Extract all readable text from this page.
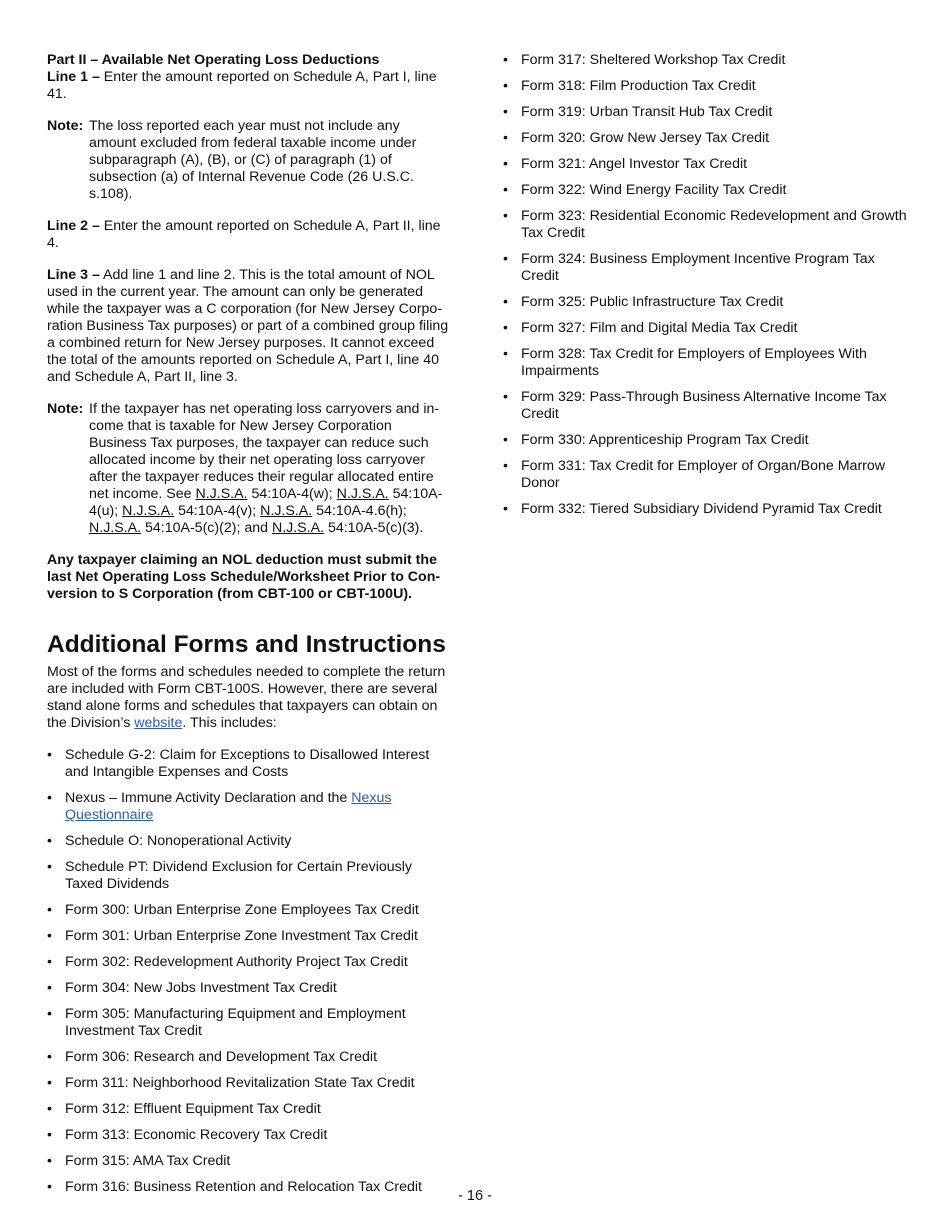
Part II – Available Net Operating Loss Deductions

Line 1 – Enter the amount reported on Schedule A, Part I, line 41.

Note: The loss reported each year must not include any amount excluded from federal taxable income under subparagraph (A), (B), or (C) of paragraph (1) of subsection (a) of Internal Revenue Code (26 U.S.C. s.108).

Line 2 – Enter the amount reported on Schedule A, Part II, line 4.

Line 3 – Add line 1 and line 2. This is the total amount of NOL used in the current year. The amount can only be generated while the taxpayer was a C corporation (for New Jersey Corporation Business Tax purposes) or part of a combined group filing a combined return for New Jersey purposes. It cannot exceed the total of the amounts reported on Schedule A, Part I, line 40 and Schedule A, Part II, line 3.

Note: If the taxpayer has net operating loss carryovers and income that is taxable for New Jersey Corporation Business Tax purposes, the taxpayer can reduce such allocated income by their net operating loss carryover after the taxpayer reduces their regular allocated entire net income. See N.J.S.A. 54:10A-4(w); N.J.S.A. 54:10A-4(u); N.J.S.A. 54:10A-4(v); N.J.S.A. 54:10A-4.6(h); N.J.S.A. 54:10A-5(c)(2); and N.J.S.A. 54:10A-5(c)(3).

Any taxpayer claiming an NOL deduction must submit the last Net Operating Loss Schedule/Worksheet Prior to Conversion to S Corporation (from CBT-100 or CBT-100U).

Additional Forms and Instructions

Most of the forms and schedules needed to complete the return are included with Form CBT-100S. However, there are several stand alone forms and schedules that taxpayers can obtain on the Division’s website. This includes:

• Schedule G-2: Claim for Exceptions to Disallowed Interest and Intangible Expenses and Costs
• Nexus – Immune Activity Declaration and the Nexus Questionnaire
• Schedule O: Nonoperational Activity
• Schedule PT: Dividend Exclusion for Certain Previously Taxed Dividends
• Form 300: Urban Enterprise Zone Employees Tax Credit
• Form 301: Urban Enterprise Zone Investment Tax Credit
• Form 302: Redevelopment Authority Project Tax Credit
• Form 304: New Jobs Investment Tax Credit
• Form 305: Manufacturing Equipment and Employment Investment Tax Credit
• Form 306: Research and Development Tax Credit
• Form 311: Neighborhood Revitalization State Tax Credit
• Form 312: Effluent Equipment Tax Credit
• Form 313: Economic Recovery Tax Credit
• Form 315: AMA Tax Credit
• Form 316: Business Retention and Relocation Tax Credit
• Form 317: Sheltered Workshop Tax Credit
• Form 318: Film Production Tax Credit
• Form 319: Urban Transit Hub Tax Credit
• Form 320: Grow New Jersey Tax Credit
• Form 321: Angel Investor Tax Credit
• Form 322: Wind Energy Facility Tax Credit
• Form 323: Residential Economic Redevelopment and Growth Tax Credit
• Form 324: Business Employment Incentive Program Tax Credit
• Form 325: Public Infrastructure Tax Credit
• Form 327: Film and Digital Media Tax Credit
• Form 328: Tax Credit for Employers of Employees With Impairments
• Form 329: Pass-Through Business Alternative Income Tax Credit
• Form 330: Apprenticeship Program Tax Credit
• Form 331: Tax Credit for Employer of Organ/Bone Marrow Donor
• Form 332: Tiered Subsidiary Dividend Pyramid Tax Credit
- 16 -
